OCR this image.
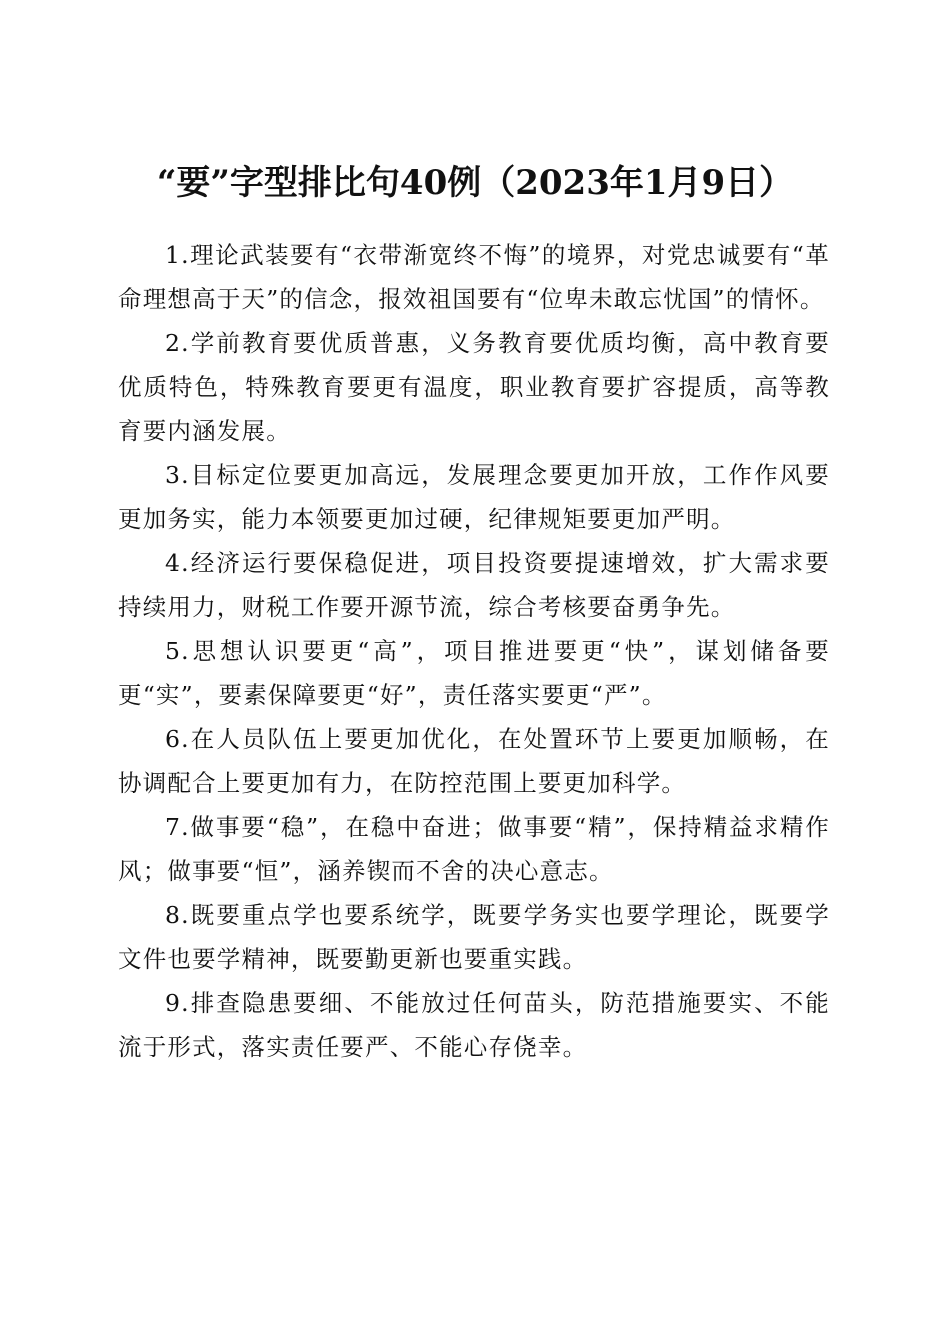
“要”字型排比句40例（2023年1月9日）

1.理论武装要有“衣带渐宽终不悔”的境界，对党忠诚要有“革命理想高于天”的信念，报效祖国要有“位卑未敢忘忧国”的情怀。

2.学前教育要优质普惠，义务教育要优质均衡，高中教育要优质特色，特殊教育要更有温度，职业教育要扩容提质，高等教育要内涵发展。

3.目标定位要更加高远，发展理念要更加开放，工作作风要更加务实，能力本领要更加过硬，纪律规矩要更加严明。

4.经济运行要保稳促进，项目投资要提速增效，扩大需求要持续用力，财税工作要开源节流，综合考核要奋勇争先。

5.思想认识要更“高”，项目推进要更“快”，谋划储备要更“实”，要素保障要更“好”，责任落实要更“严”。

6.在人员队伍上要更加优化，在处置环节上要更加顺畅，在协调配合上要更加有力，在防控范围上要更加科学。

7.做事要“稳”，在稳中奋进；做事要“精”，保持精益求精作风；做事要“恒”，涵养锲而不舍的决心意志。

8.既要重点学也要系统学，既要学务实也要学理论，既要学文件也要学精神，既要勤更新也要重实践。

9.排查隐患要细、不能放过任何苗头，防范措施要实、不能流于形式，落实责任要严、不能心存侥幸。
